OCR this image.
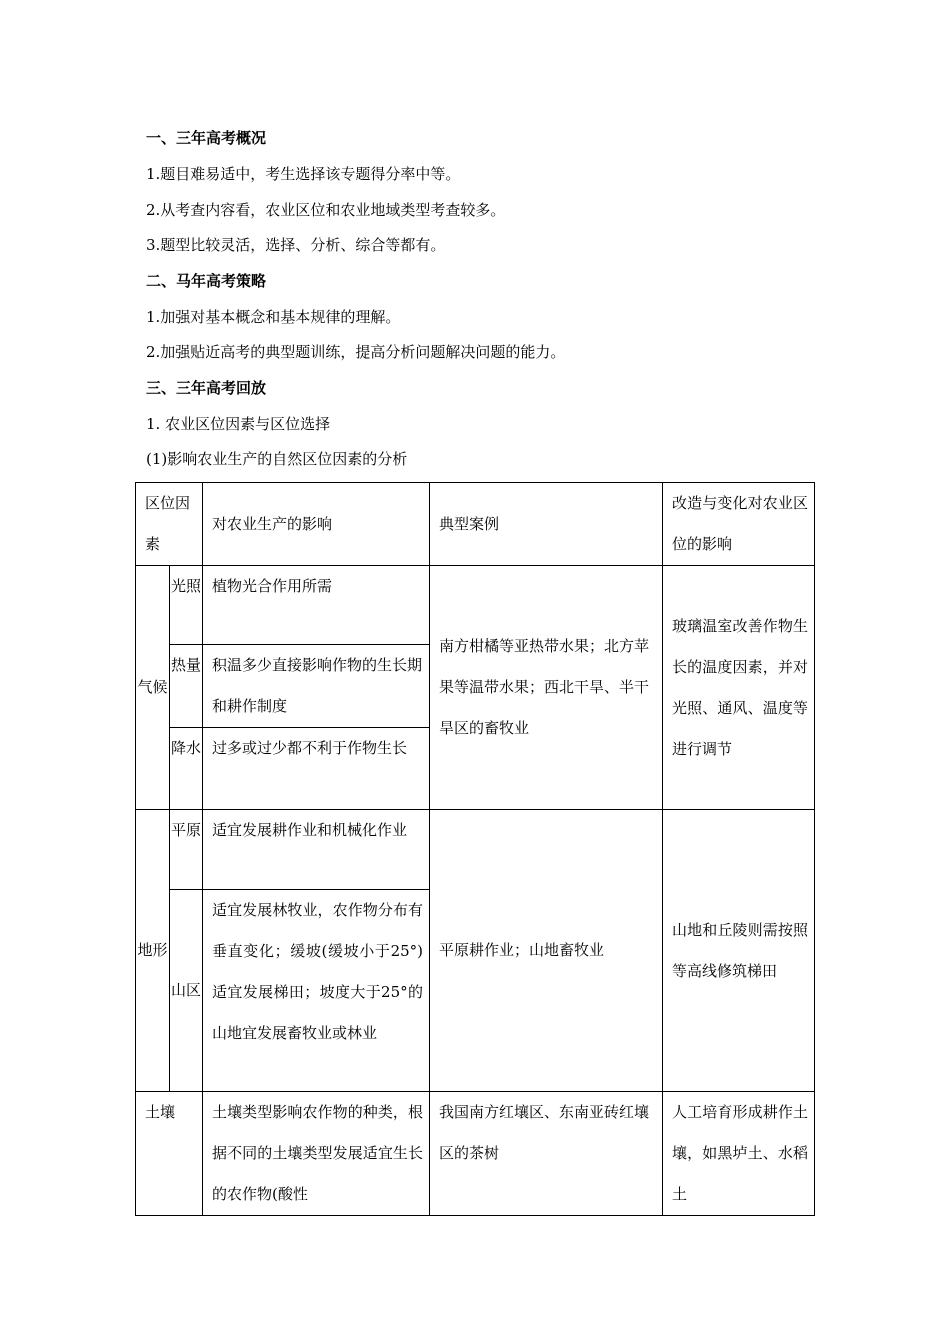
一、三年高考概况
1.题目难易适中，考生选择该专题得分率中等。
2.从考查内容看，农业区位和农业地域类型考查较多。
3.题型比较灵活，选择、分析、综合等都有。
二、马年高考策略
1.加强对基本概念和基本规律的理解。
2.加强贴近高考的典型题训练，提高分析问题解决问题的能力。
三、三年高考回放
1. 农业区位因素与区位选择
(1)影响农业生产的自然区位因素的分析
区位因素		对农业生产的影响	典型案例	改造与变化对农业区位的影响
气候	光照	植物光合作用所需	南方柑橘等亚热带水果；北方苹果等温带水果；西北干旱、半干旱区的畜牧业	玻璃温室改善作物生长的温度因素，并对光照、通风、温度等进行调节
	热量	积温多少直接影响作物的生长期和耕作制度		
	降水	过多或过少都不利于作物生长		
地形	平原	适宜发展耕作业和机械化作业	平原耕作业；山地畜牧业	山地和丘陵则需按照等高线修筑梯田
	山区	适宜发展林牧业，农作物分布有垂直变化；缓坡(缓坡小于25°)适宜发展梯田；坡度大于25°的山地宜发展畜牧业或林业		
土壤		土壤类型影响农作物的种类，根据不同的土壤类型发展适宜生长的农作物(酸性	我国南方红壤区、东南亚砖红壤区的茶树	人工培育形成耕作土壤，如黑垆土、水稻土
